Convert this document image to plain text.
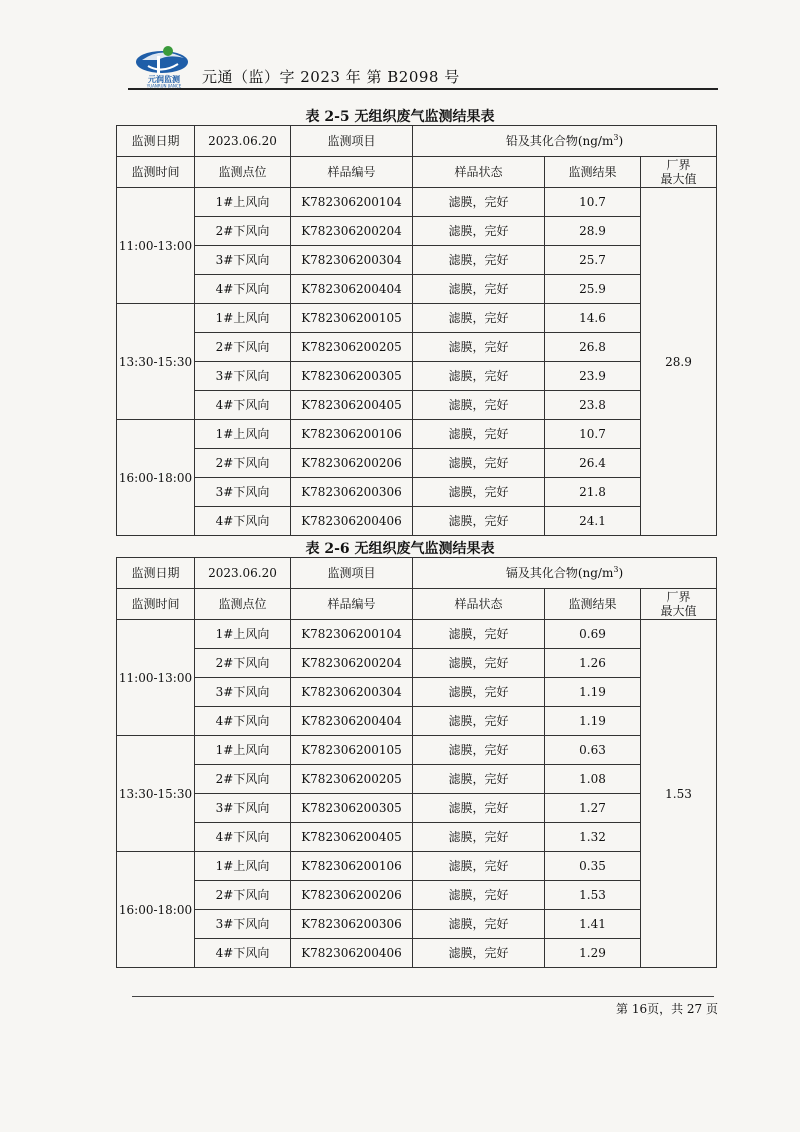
元润监测
YUANRUN JIANCE 元通（监）字 2023 年 第 B2098 号
表 2-5 无组织废气监测结果表
监测日期	2023.06.20	监测项目	铅及其化合物$(ng/m^3)$		
监测时间	监测点位	样品编号	样品状态	监测结果	厂界
最大值

11:00-13:00	1#上风向	K782306200104	滤膜，完好	10.7	28.9
	2#下风向	K782306200204	滤膜，完好	28.9	
	3#下风向	K782306200304	滤膜，完好	25.7	
	4#下风向	K782306200404	滤膜，完好	25.9	
13:30-15:30	1#上风向	K782306200105	滤膜，完好	14.6	
	2#下风向	K782306200205	滤膜，完好	26.8	
	3#下风向	K782306200305	滤膜，完好	23.9	
	4#下风向	K782306200405	滤膜，完好	23.8	
16:00-18:00	1#上风向	K782306200106	滤膜，完好	10.7	
	2#下风向	K782306200206	滤膜，完好	26.4	
	3#下风向	K782306200306	滤膜，完好	21.8	
	4#下风向	K782306200406	滤膜，完好	24.1	
表 2-6 无组织废气监测结果表
监测日期	2023.06.20	监测项目	镉及其化合物$(ng/m^3)$		
监测时间	监测点位	样品编号	样品状态	监测结果	厂界
最大值

11:00-13:00	1#上风向	K782306200104	滤膜，完好	0.69	1.53
	2#下风向	K782306200204	滤膜，完好	1.26	
	3#下风向	K782306200304	滤膜，完好	1.19	
	4#下风向	K782306200404	滤膜，完好	1.19	
13:30-15:30	1#上风向	K782306200105	滤膜，完好	0.63	
	2#下风向	K782306200205	滤膜，完好	1.08	
	3#下风向	K782306200305	滤膜，完好	1.27	
	4#下风向	K782306200405	滤膜，完好	1.32	
16:00-18:00	1#上风向	K782306200106	滤膜，完好	0.35	
	2#下风向	K782306200206	滤膜，完好	1.53	
	3#下风向	K782306200306	滤膜，完好	1.41	
	4#下风向	K782306200406	滤膜，完好	1.29	
第 16页，共 27 页
